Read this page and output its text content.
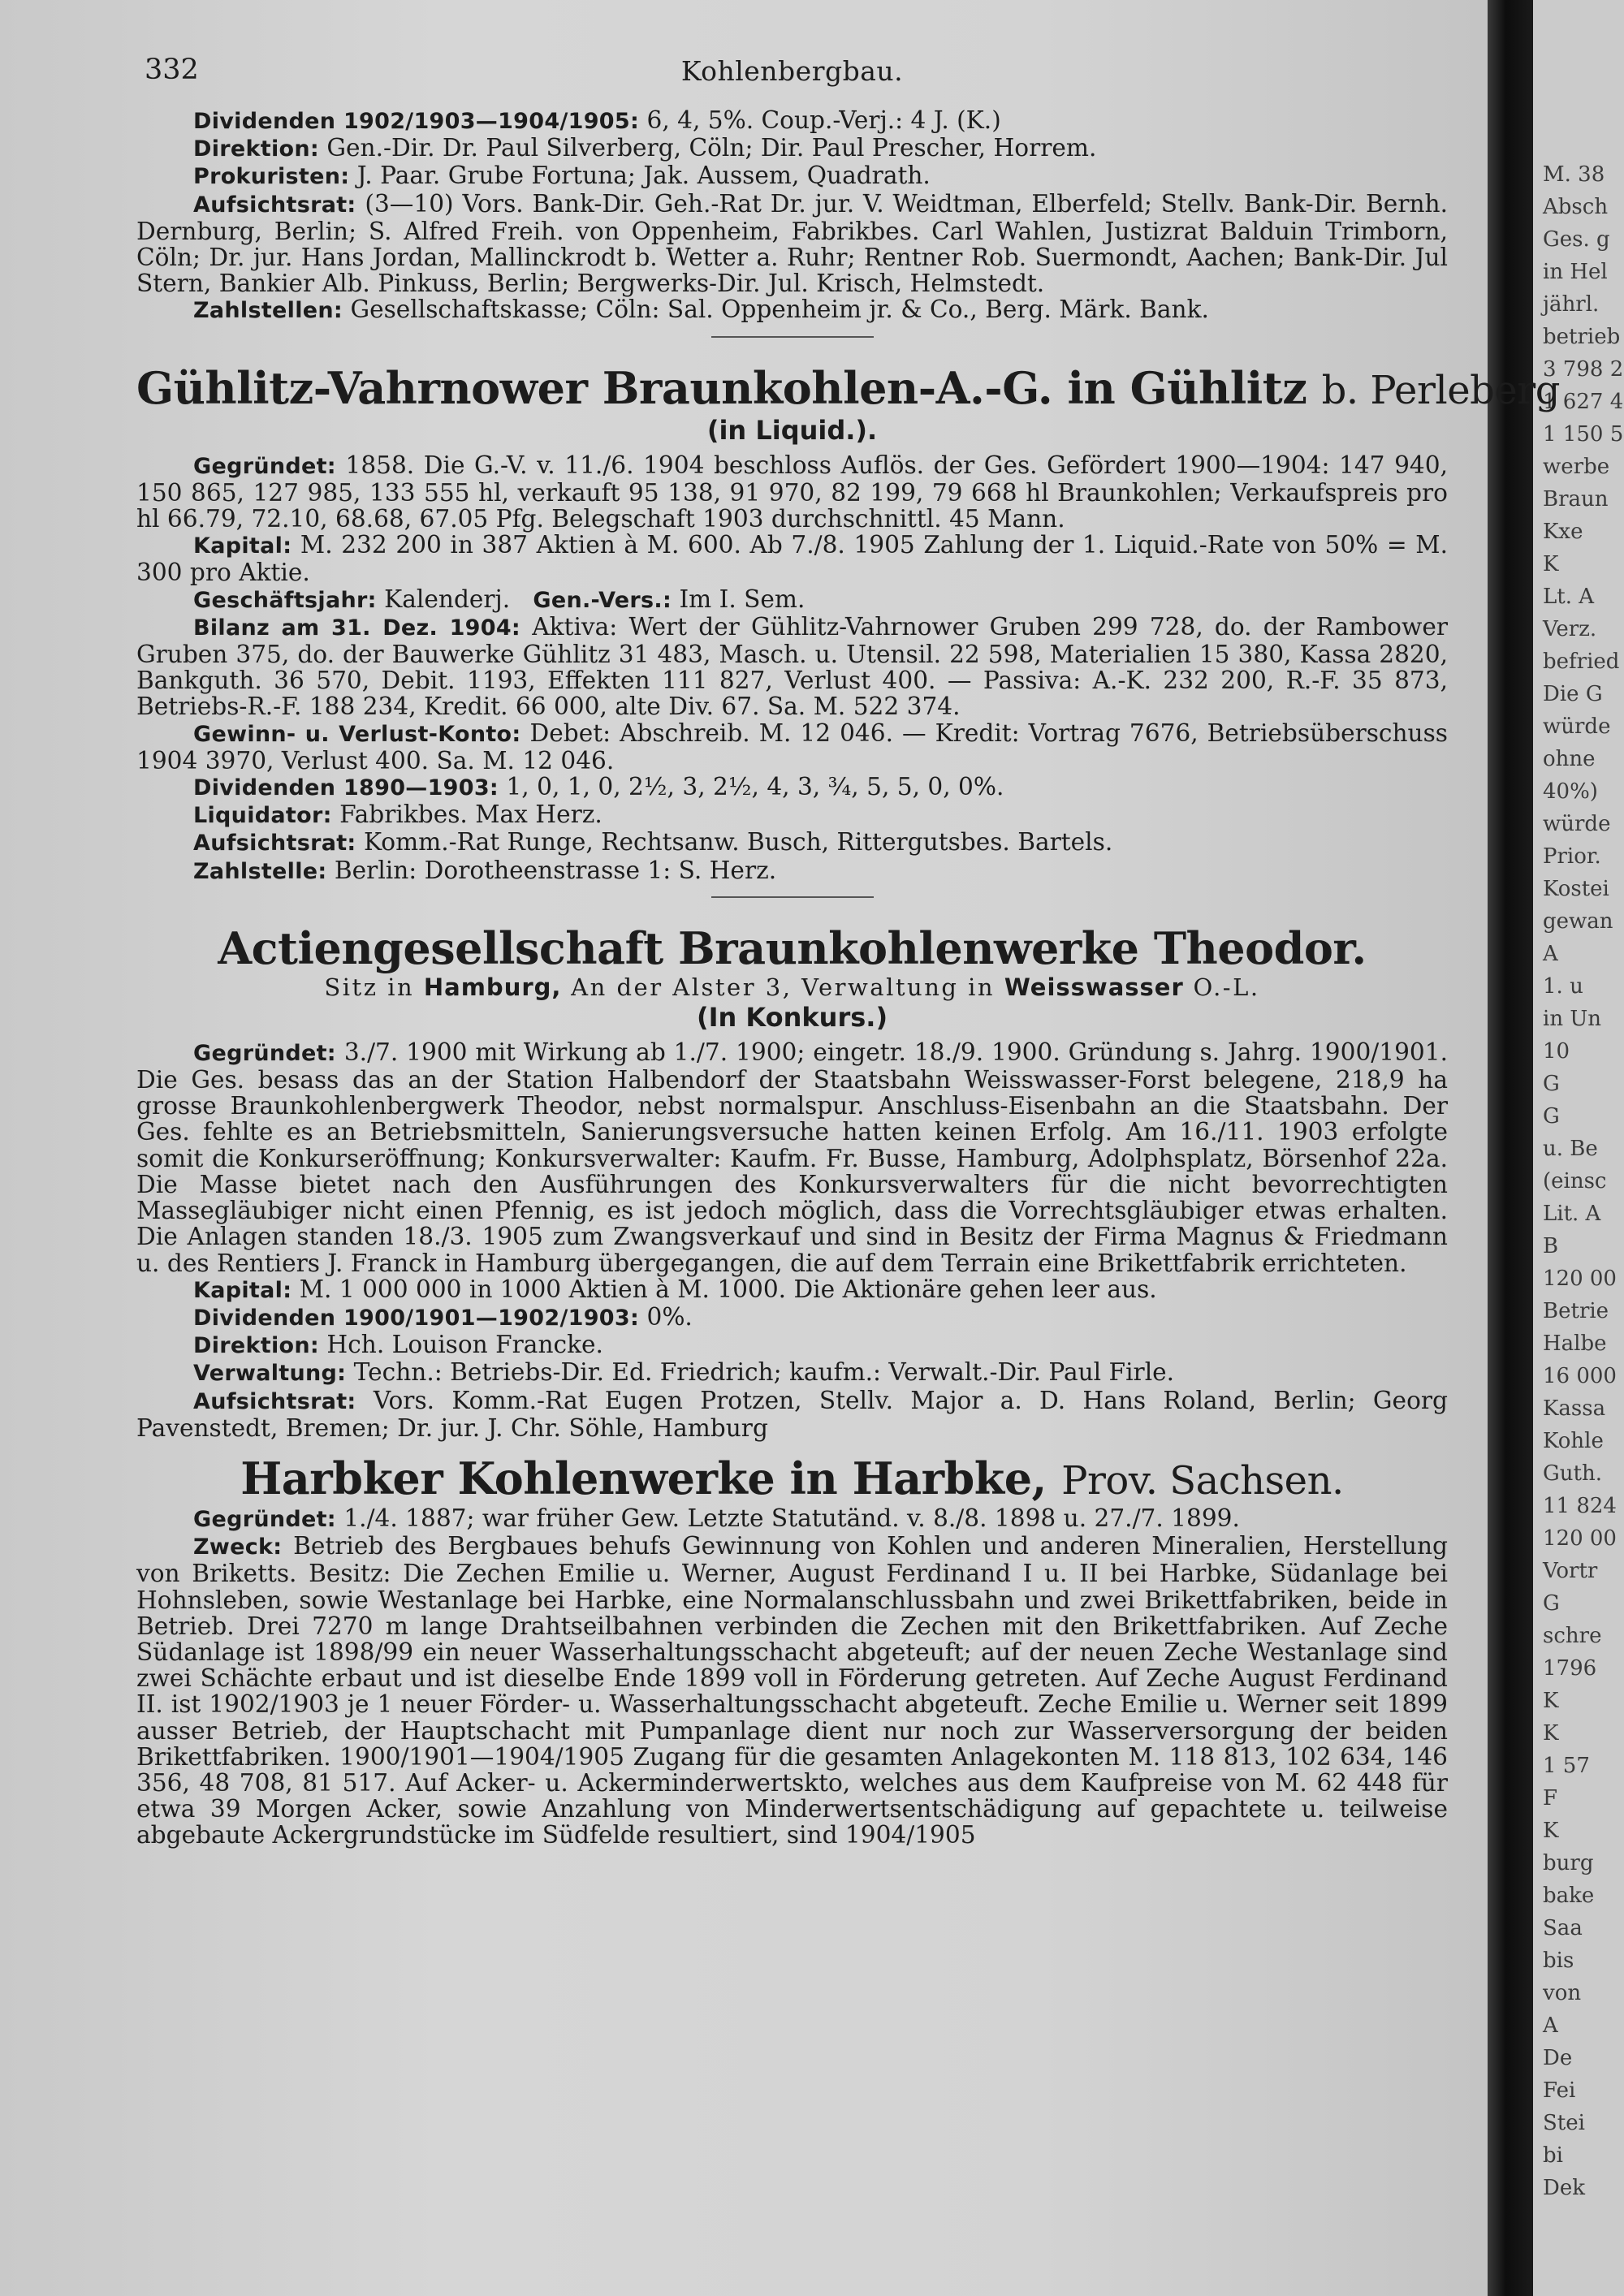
M. 38
Absch
Ges. g
in Hel
jährl.
betrieb
3 798 2
1 627 4
1 150 5
werbe
Braun
Kxe
K
Lt. A
Verz.
befried
Die G
würde
ohne
40%)
würde
Prior.
Kostei
gewan
A
1. u
in Un
10
G
G
u. Be
(einsc
Lit. A
B
120 00
Betrie
Halbe
16 000
Kassa
Kohle
Guth.
11 824
120 00
Vortr
G
schre
1796
K
K
1 57
F
K
burg
bake
Saa
bis
von
A
De
Fei
Stei
bi
Dek
332	Kohlenbergbau.

Dividenden 1902/1903—1904/1905: 6, 4, 5%. Coup.-Verj.: 4 J. (K.)

Direktion: Gen.-Dir. Dr. Paul Silverberg, Cöln; Dir. Paul Prescher, Horrem.

Prokuristen: J. Paar. Grube Fortuna; Jak. Aussem, Quadrath.

Aufsichtsrat: (3—10) Vors. Bank-Dir. Geh.-Rat Dr. jur. V. Weidtman, Elberfeld; Stellv. Bank-Dir. Bernh. Dernburg, Berlin; S. Alfred Freih. von Oppenheim, Fabrikbes. Carl Wahlen, Justizrat Balduin Trimborn, Cöln; Dr. jur. Hans Jordan, Mallinckrodt b. Wetter a. Ruhr; Rentner Rob. Suermondt, Aachen; Bank-Dir. Jul Stern, Bankier Alb. Pinkuss, Berlin; Bergwerks-Dir. Jul. Krisch, Helmstedt.

Zahlstellen: Gesellschaftskasse; Cöln: Sal. Oppenheim jr. & Co., Berg. Märk. Bank.

Gühlitz-Vahrnower Braunkohlen-A.-G. in Gühlitz b. Perleberg

(in Liquid.).

Gegründet: 1858. Die G.-V. v. 11./6. 1904 beschloss Auflös. der Ges. Gefördert 1900—1904: 147 940, 150 865, 127 985, 133 555 hl, verkauft 95 138, 91 970, 82 199, 79 668 hl Braunkohlen; Verkaufspreis pro hl 66.79, 72.10, 68.68, 67.05 Pfg. Belegschaft 1903 durchschnittl. 45 Mann.

Kapital: M. 232 200 in 387 Aktien à M. 600. Ab 7./8. 1905 Zahlung der 1. Liquid.-Rate von 50% = M. 300 pro Aktie.

Geschäftsjahr: Kalenderj. Gen.-Vers.: Im I. Sem.

Bilanz am 31. Dez. 1904: Aktiva: Wert der Gühlitz-Vahrnower Gruben 299 728, do. der Rambower Gruben 375, do. der Bauwerke Gühlitz 31 483, Masch. u. Utensil. 22 598, Materialien 15 380, Kassa 2820, Bankguth. 36 570, Debit. 1193, Effekten 111 827, Verlust 400. — Passiva: A.-K. 232 200, R.-F. 35 873, Betriebs-R.-F. 188 234, Kredit. 66 000, alte Div. 67. Sa. M. 522 374.

Gewinn- u. Verlust-Konto: Debet: Abschreib. M. 12 046. — Kredit: Vortrag 7676, Betriebsüberschuss 1904 3970, Verlust 400. Sa. M. 12 046.

Dividenden 1890—1903: 1, 0, 1, 0, 2½, 3, 2½, 4, 3, ¾, 5, 5, 0, 0%.

Liquidator: Fabrikbes. Max Herz.

Aufsichtsrat: Komm.-Rat Runge, Rechtsanw. Busch, Rittergutsbes. Bartels.

Zahlstelle: Berlin: Dorotheenstrasse 1: S. Herz.

Actiengesellschaft Braunkohlenwerke Theodor.

Sitz in Hamburg, An der Alster 3, Verwaltung in Weisswasser O.-L.

(In Konkurs.)

Gegründet: 3./7. 1900 mit Wirkung ab 1./7. 1900; eingetr. 18./9. 1900. Gründung s. Jahrg. 1900/1901. Die Ges. besass das an der Station Halbendorf der Staatsbahn Weisswasser-Forst belegene, 218,9 ha grosse Braunkohlenbergwerk Theodor, nebst normalspur. Anschluss-Eisenbahn an die Staatsbahn. Der Ges. fehlte es an Betriebsmitteln, Sanierungsversuche hatten keinen Erfolg. Am 16./11. 1903 erfolgte somit die Konkurseröffnung; Konkursverwalter: Kaufm. Fr. Busse, Hamburg, Adolphsplatz, Börsenhof 22a. Die Masse bietet nach den Ausführungen des Konkursverwalters für die nicht bevorrechtigten Massegläubiger nicht einen Pfennig, es ist jedoch möglich, dass die Vorrechtsgläubiger etwas erhalten. Die Anlagen standen 18./3. 1905 zum Zwangsverkauf und sind in Besitz der Firma Magnus & Friedmann u. des Rentiers J. Franck in Hamburg übergegangen, die auf dem Terrain eine Brikettfabrik errichteten.

Kapital: M. 1 000 000 in 1000 Aktien à M. 1000. Die Aktionäre gehen leer aus.

Dividenden 1900/1901—1902/1903: 0%.

Direktion: Hch. Louison Francke.

Verwaltung: Techn.: Betriebs-Dir. Ed. Friedrich; kaufm.: Verwalt.-Dir. Paul Firle.

Aufsichtsrat: Vors. Komm.-Rat Eugen Protzen, Stellv. Major a. D. Hans Roland, Berlin; Georg Pavenstedt, Bremen; Dr. jur. J. Chr. Söhle, Hamburg

Harbker Kohlenwerke in Harbke, Prov. Sachsen.

Gegründet: 1./4. 1887; war früher Gew. Letzte Statutänd. v. 8./8. 1898 u. 27./7. 1899.

Zweck: Betrieb des Bergbaues behufs Gewinnung von Kohlen und anderen Mineralien, Herstellung von Briketts. Besitz: Die Zechen Emilie u. Werner, August Ferdinand I u. II bei Harbke, Südanlage bei Hohnsleben, sowie Westanlage bei Harbke, eine Normalanschlussbahn und zwei Brikettfabriken, beide in Betrieb. Drei 7270 m lange Drahtseilbahnen verbinden die Zechen mit den Brikettfabriken. Auf Zeche Südanlage ist 1898/99 ein neuer Wasserhaltungsschacht abgeteuft; auf der neuen Zeche Westanlage sind zwei Schächte erbaut und ist dieselbe Ende 1899 voll in Förderung getreten. Auf Zeche August Ferdinand II. ist 1902/1903 je 1 neuer Förder- u. Wasserhaltungsschacht abgeteuft. Zeche Emilie u. Werner seit 1899 ausser Betrieb, der Hauptschacht mit Pumpanlage dient nur noch zur Wasserversorgung der beiden Brikettfabriken. 1900/1901—1904/1905 Zugang für die gesamten Anlagekonten M. 118 813, 102 634, 146 356, 48 708, 81 517. Auf Acker- u. Ackerminderwertskto, welches aus dem Kaufpreise von M. 62 448 für etwa 39 Morgen Acker, sowie Anzahlung von Minderwertsentschädigung auf gepachtete u. teilweise abgebaute Ackergrundstücke im Südfelde resultiert, sind 1904/1905
